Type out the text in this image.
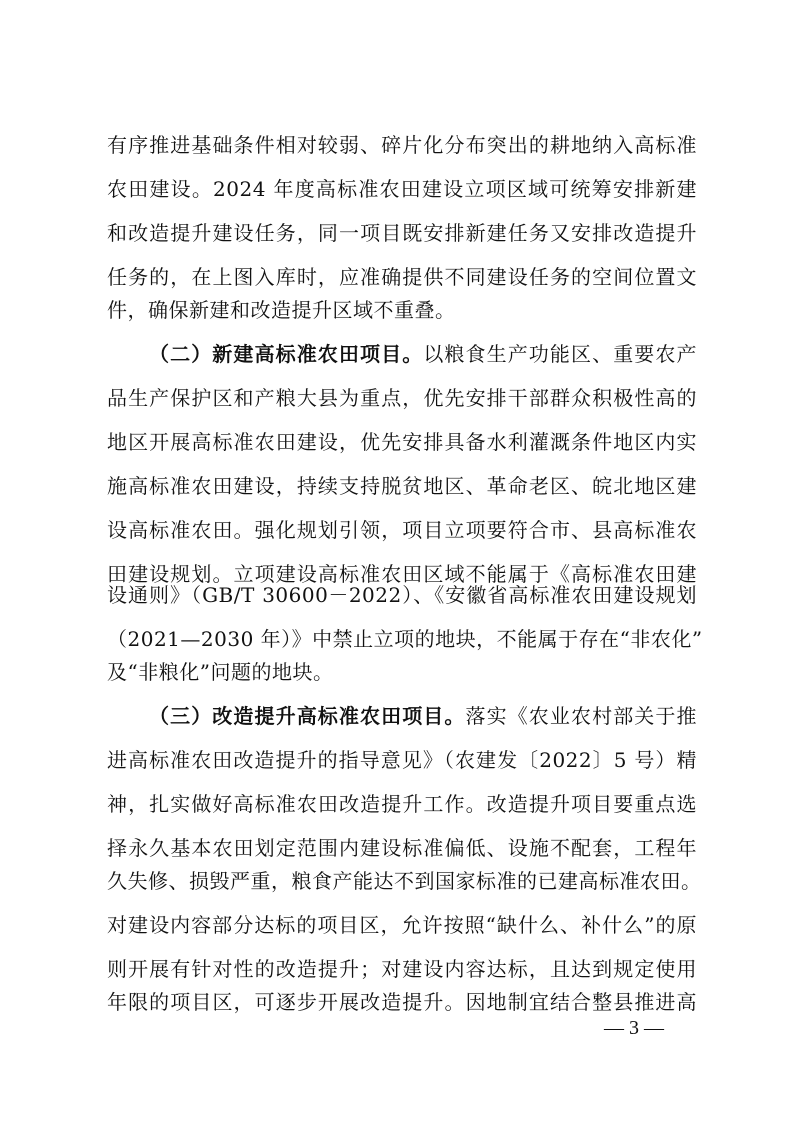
有序推进基础条件相对较弱、碎片化分布突出的耕地纳入高标准
农田建设。2024 年度高标准农田建设立项区域可统筹安排新建
和改造提升建设任务，同一项目既安排新建任务又安排改造提升
任务的，在上图入库时，应准确提供不同建设任务的空间位置文
件，确保新建和改造提升区域不重叠。
（二）新建高标准农田项目。以粮食生产功能区、重要农产
品生产保护区和产粮大县为重点，优先安排干部群众积极性高的
地区开展高标准农田建设，优先安排具备水利灌溉条件地区内实
施高标准农田建设，持续支持脱贫地区、革命老区、皖北地区建
设高标准农田。强化规划引领，项目立项要符合市、县高标准农
田建设规划。立项建设高标准农田区域不能属于《高标准农田建
设通则》（GB/T 30600－2022）、《安徽省高标准农田建设规划
（2021—2030 年）》中禁止立项的地块，不能属于存在“非农化”
及“非粮化”问题的地块。
（三）改造提升高标准农田项目。落实《农业农村部关于推
进高标准农田改造提升的指导意见》（农建发〔2022〕5 号）精
神，扎实做好高标准农田改造提升工作。改造提升项目要重点选
择永久基本农田划定范围内建设标准偏低、设施不配套，工程年
久失修、损毁严重，粮食产能达不到国家标准的已建高标准农田。
对建设内容部分达标的项目区，允许按照“缺什么、补什么”的原
则开展有针对性的改造提升；对建设内容达标，且达到规定使用
年限的项目区，可逐步开展改造提升。因地制宜结合整县推进高
— 3 —
